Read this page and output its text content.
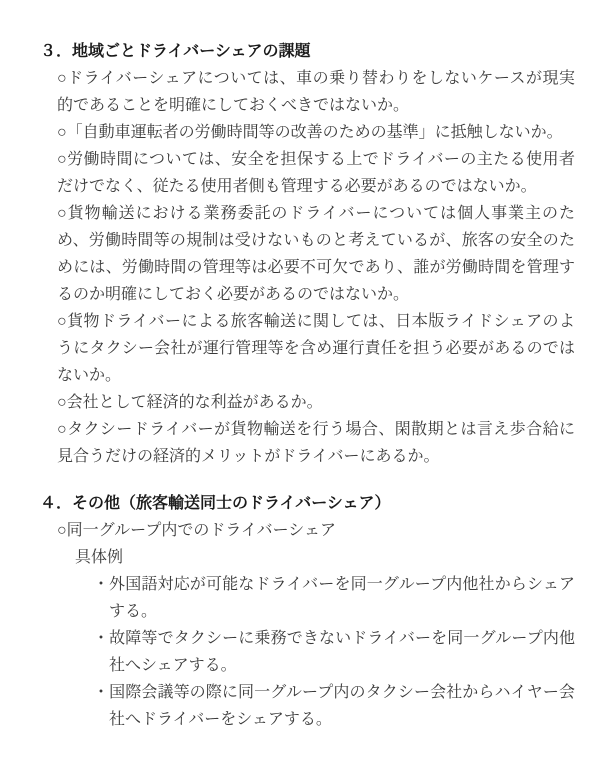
３．地域ごとドライバーシェアの課題

○ドライバーシェアについては、車の乗り替わりをしないケースが現実的であることを明確にしておくべきではないか。

○「自動車運転者の労働時間等の改善のための基準」に抵触しないか。

○労働時間については、安全を担保する上でドライバーの主たる使用者だけでなく、従たる使用者側も管理する必要があるのではないか。

○貨物輸送における業務委託のドライバーについては個人事業主のため、労働時間等の規制は受けないものと考えているが、旅客の安全のためには、労働時間の管理等は必要不可欠であり、誰が労働時間を管理するのか明確にしておく必要があるのではないか。

○貨物ドライバーによる旅客輸送に関しては、日本版ライドシェアのようにタクシー会社が運行管理等を含め運行責任を担う必要があるのではないか。

○会社として経済的な利益があるか。

○タクシードライバーが貨物輸送を行う場合、閑散期とは言え歩合給に見合うだけの経済的メリットがドライバーにあるか。

４．その他（旅客輸送同士のドライバーシェア）

○同一グループ内でのドライバーシェア

具体例

・外国語対応が可能なドライバーを同一グループ内他社からシェアする。

・故障等でタクシーに乗務できないドライバーを同一グループ内他社へシェアする。

・国際会議等の際に同一グループ内のタクシー会社からハイヤー会社へドライバーをシェアする。
